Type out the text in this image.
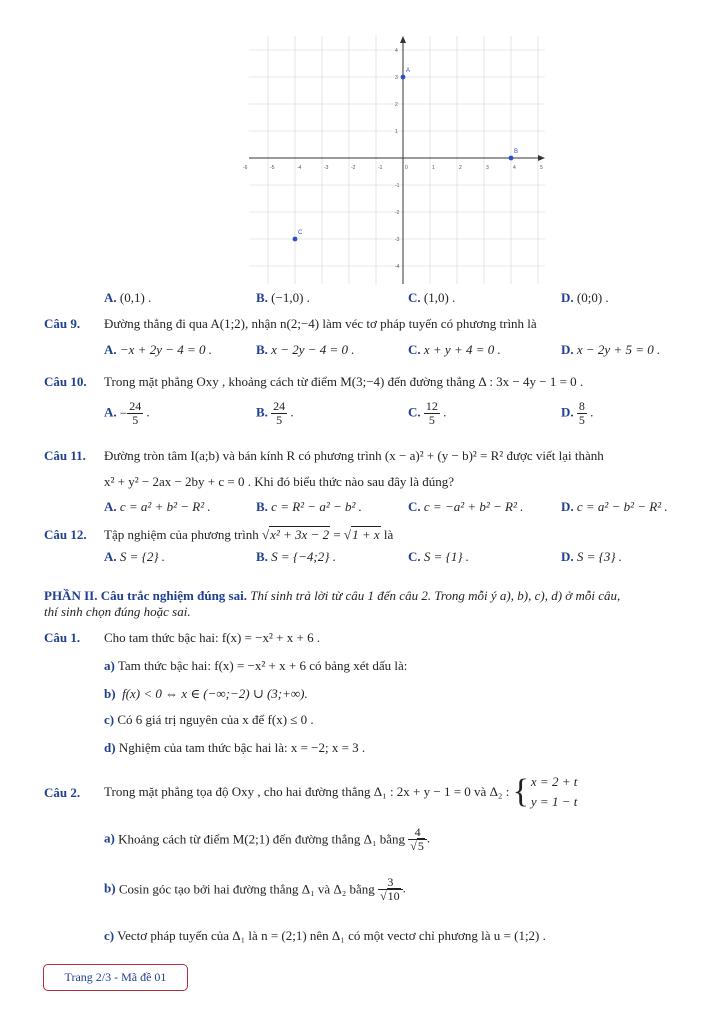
-6	-5	-4	-3	-2	-1	0	1	2	3	4	5
4
3
2
1
-1
-2
-3
-4
A
B
C
A. (0,1) .	B. (−1,0) .	C. (1,0) .	D. (0;0) .
Câu 9. Đường thẳng đi qua A(1;2), nhận n(2;−4) làm véc tơ pháp tuyến có phương trình là
A. −x + 2y − 4 = 0 .	B. x − 2y − 4 = 0 .	C. x + y + 4 = 0 .	D. x − 2y + 5 = 0 .
Câu 10. Trong mặt phẳng Oxy , khoảng cách từ điểm M(3;−4) đến đường thẳng Δ : 3x − 4y − 1 = 0 .
A. − $\frac{24}{5}$ .	B. $\frac{24}{5}$ .	C. $\frac{12}{5}$ .	D. $\frac{8}{5}$ .
Câu 11. Đường tròn tâm I(a;b) và bán kính R có phương trình (x − a)² + (y − b)² = R² được viết lại thành
x² + y² − 2ax − 2by + c = 0 . Khi đó biểu thức nào sau đây là đúng?
A. c = a² + b² − R² .	B. c = R² − a² − b² .	C. c = −a² + b² − R² .	D. c = a² − b² − R² .
Câu 12. Tập nghiệm của phương trình √x² + 3x − 2 = √1 + x là
A. S = {2} .	B. S = {−4;2} .	C. S = {1} .	D. S = {3} .
PHẦN II. Câu trắc nghiệm đúng sai. Thí sinh trả lời từ câu 1 đến câu 2. Trong mỗi ý a), b), c), d) ở mỗi câu,
thí sinh chọn đúng hoặc sai.
Câu 1. Cho tam thức bậc hai: f(x) = −x² + x + 6 .
a) Tam thức bậc hai: f(x) = −x² + x + 6 có bảng xét dấu là:
b) f(x) < 0 ⇔ x ∈ (−∞;−2) ∪ (3;+∞).
c) Có 6 giá trị nguyên của x để f(x) ≤ 0 .
d) Nghiệm của tam thức bậc hai là: x = −2; x = 3 .
Câu 2. Trong mặt phẳng tọa độ Oxy , cho hai đường thẳng Δ₁ : 2x + y − 1 = 0 và Δ₂ : { x = 2 + t
y = 1 − t
a) Khoảng cách từ điểm M(2;1) đến đường thẳng Δ₁ bằng $\frac{4}{√5}$ .
b) Cosin góc tạo bởi hai đường thẳng Δ₁ và Δ₂ bằng $\frac{3}{√10}$ .
c) Vectơ pháp tuyến của Δ₁ là n = (2;1) nên Δ₁ có một vectơ chỉ phương là u = (1;2) .
Trang 2/3 - Mã đề 01
